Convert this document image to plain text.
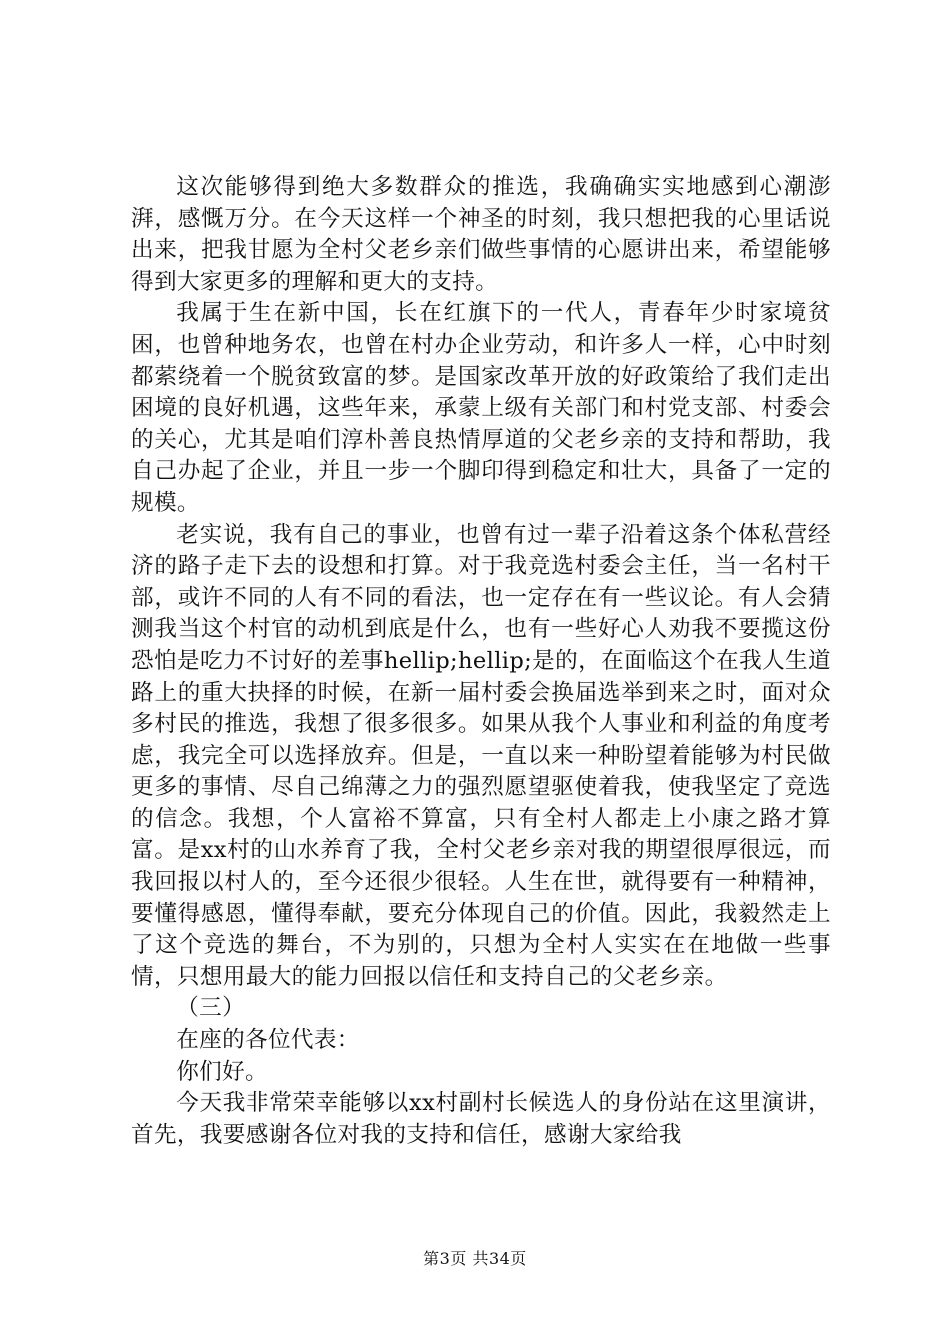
这次能够得到绝大多数群众的推选，我确确实实地感到心潮澎湃，感慨万分。在今天这样一个神圣的时刻，我只想把我的心里话说出来，把我甘愿为全村父老乡亲们做些事情的心愿讲出来，希望能够得到大家更多的理解和更大的支持。

我属于生在新中国，长在红旗下的一代人，青春年少时家境贫困，也曾种地务农，也曾在村办企业劳动，和许多人一样，心中时刻都萦绕着一个脱贫致富的梦。是国家改革开放的好政策给了我们走出困境的良好机遇，这些年来，承蒙上级有关部门和村党支部、村委会的关心，尤其是咱们淳朴善良热情厚道的父老乡亲的支持和帮助，我自己办起了企业，并且一步一个脚印得到稳定和壮大，具备了一定的规模。

老实说，我有自己的事业，也曾有过一辈子沿着这条个体私营经济的路子走下去的设想和打算。对于我竞选村委会主任，当一名村干部，或许不同的人有不同的看法，也一定存在有一些议论。有人会猜测我当这个村官的动机到底是什么，也有一些好心人劝我不要揽这份恐怕是吃力不讨好的差事hellip;hellip;是的，在面临这个在我人生道路上的重大抉择的时候，在新一届村委会换届选举到来之时，面对众多村民的推选，我想了很多很多。如果从我个人事业和利益的角度考虑，我完全可以选择放弃。但是，一直以来一种盼望着能够为村民做更多的事情、尽自己绵薄之力的强烈愿望驱使着我，使我坚定了竞选的信念。我想，个人富裕不算富，只有全村人都走上小康之路才算富。是xx村的山水养育了我，全村父老乡亲对我的期望很厚很远，而我回报以村人的，至今还很少很轻。人生在世，就得要有一种精神，要懂得感恩，懂得奉献，要充分体现自己的价值。因此，我毅然走上了这个竞选的舞台，不为别的，只想为全村人实实在在地做一些事情，只想用最大的能力回报以信任和支持自己的父老乡亲。

（三）

在座的各位代表：

你们好。

今天我非常荣幸能够以xx村副村长候选人的身份站在这里演讲，首先，我要感谢各位对我的支持和信任，感谢大家给我

第3页 共34页
